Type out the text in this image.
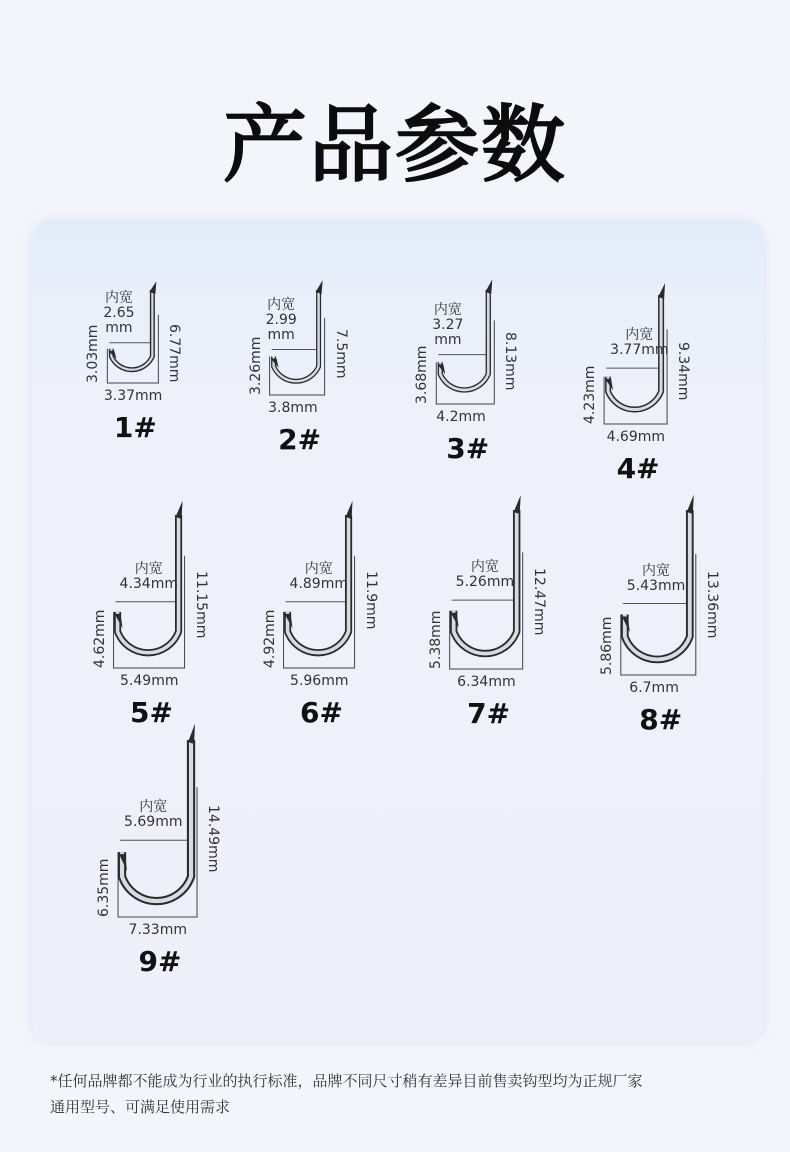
产品参数
内宽
2.65
mm
3.03mm	6.77mm
3.37mm
1#
内宽
2.99
mm
3.26mm	7.5mm
3.8mm
2#
内宽
3.27
mm
3.68mm	8.13mm
4.2mm
3#
内宽
3.77mm
4.23mm	9.34mm
4.69mm
4#
内宽
4.34mm
4.62mm
11.15mm
5.49mm
5#
内宽
4.89mm
4.92mm
11.9mm
5.96mm
6#
内宽
5.26mm
5.38mm
12.47mm
6.34mm
7#
内宽
5.43mm
5.86mm
13.36mm
6.7mm
8#
内宽
5.69mm
6.35mm
14.49mm
7.33mm
9#
*任何品牌都不能成为行业的执行标准，品牌不同尺寸稍有差异目前售卖钩型均为正规厂家
通用型号、可满足使用需求
